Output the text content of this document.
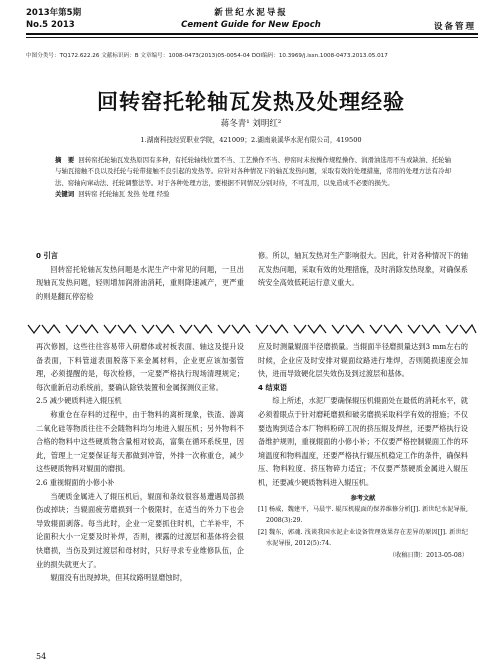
2013年第5期
No.5 2013
新世纪水泥导报
Cement Guide for New Epoch	设备管理
中图分类号：TQ172.622.26 文献标识码：B 文章编号：1008-0473(2013)05-0054-04 DOI编码：10.3969/j.issn.1008-0473.2013.05.017
回转窑托轮轴瓦发热及处理经验
蒋冬青¹ 刘明红²
1.湖南科技经贸职业学院，421009；2.湖南泉溪华水泥有限公司，419500
摘　要 回转窑托轮轴瓦发热原因有多种，有托轮轴线位置不当、工艺操作不当、停窑时未按操作规程操作、润滑油选用不当或缺油、托轮轴与轴瓦接触不良以及托轮与轮带接触不良引起的发热等。应针对各种情况下的轴瓦发热问题，采取有效的处理措施，常用的处理方法有冷却法、窑轴向窜动法、托轮调整法等。对于各种处理方法，要根据不同情况分别对待，不可乱用，以免造成不必要的损失。
关键词 回转窑 托轮轴瓦 发热 处理 经验

0 引言

回转窑托轮轴瓦发热问题是水泥生产中常见的问题，一旦出现轴瓦发热问题，轻则增加润滑油消耗，重则降速减产，更严重的则是翻瓦停窑检

修。所以，轴瓦发热对生产影响很大。因此，针对各种情况下的轴瓦发热问题，采取有效的处理措施，及时消除发热现象，对确保系统安全高效低耗运行意义重大。

再次修圆，这些往往容易带入研磨体或衬板表面、轴这及提升设备表面，下料管道表面脱落下来金属材料，企业更应该加强管理，必须提醒的是，每次检修，一定要严格执行现场清理规定；每次重新启动系统前，要确认除铁装置和金属探测仪正常。

2.5 减少硬质料进入辊压机

称重仓在存料的过程中，由于物料的离析现象，铁渣、游离二氧化硅等物质往往不会随物料均匀地进入辊压机；另外物料不合格的物料中这些硬质物含量相对较高，富集在循环系统里，因此，管理上一定要保证每天都做到冲管，外排一次称重仓，减少这些硬质物料对辊面的磨损。

2.6 重视辊面的小修小补

当硬质金属进入了辊压机后，辊面和条纹很容易遭遇局部损伤或掉块；当辊面疲劳磨损到一个极限时，在适当的外力下也会导致辊面剥落。每当此时，企业一定要抓住时机，亡羊补牢，不论面积大小一定要及时补焊，否则，裸露的过渡层和基体将会很快磨损，当伤及到过渡层和母材时，只好寻求专业维修队伍，企业的损失就更大了。

辊面没有出现掉块，但其纹路明显磨蚀时，

应及时测量辊面半径磨损量。当辊面半径磨损量达到3 mm左右的时候，企业应及时安排对辊面纹路进行堆焊，否则随损速度会加快，进而导致硬化层失效伤及到过渡层和基体。

4 结束语

综上所述，水泥厂要确保辊压机辊面处在最低的消耗水平，就必须着眼点于针对磨耗磨损和破劣磨损采取科学有效的措施；不仅要选购到适合本厂物料粉碎工况的挤压辊及焊丝，还要严格执行设备维护规则，重视辊面的小修小补；不仅要严格控制辊面工作的环境温度和物料温度，还要严格执行辊压机稳定工作的条件，确保料压、物料粒度、挤压物碎力适宜；不仅要严禁硬质金属进入辊压机，还要减少硬质物料进入辊压机。

参考文献

[1] 杨威，魏建平，马晨宇. 辊压机辊面的保养维修分析[J]. 新世纪水泥导报, 2008(3):29.

[2] 魏东，郭魂. 浅谈我国水泥企业设备管理效果存在差异的原因[J]. 新世纪水泥导报, 2012(5):74.

（收稿日期：2013-05-08）
54
